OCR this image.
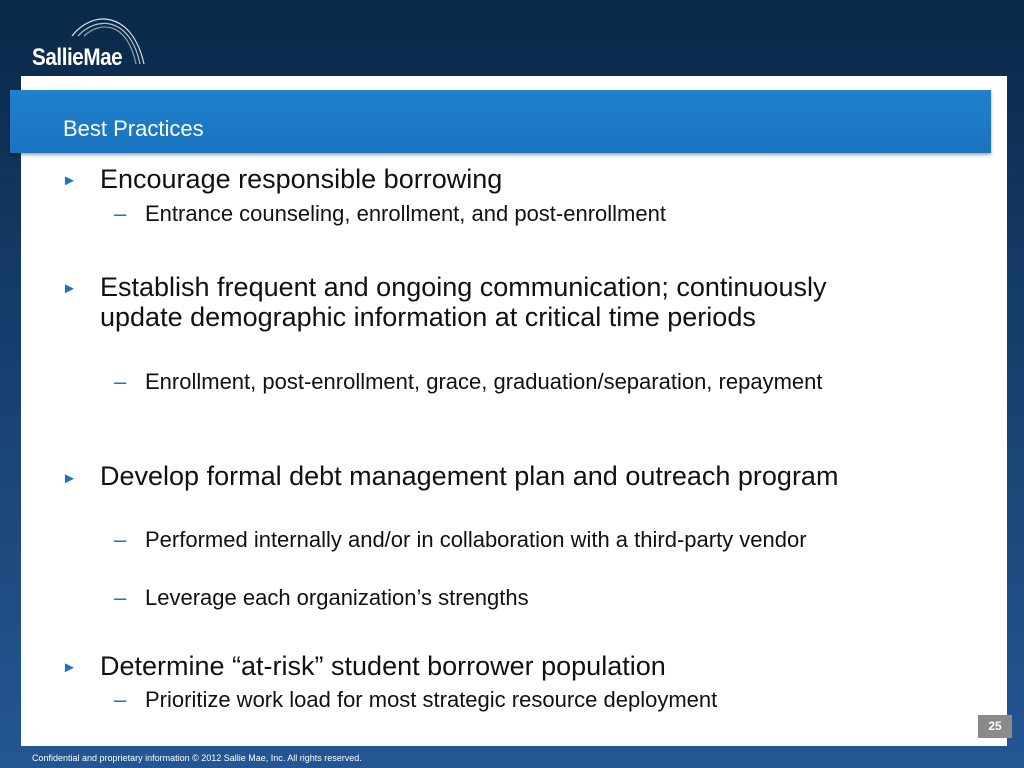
SallieMae
Best Practices
► Encourage responsible borrowing
– Entrance counseling, enrollment, and post-enrollment
► Establish frequent and ongoing communication; continuously update demographic information at critical time periods
– Enrollment, post-enrollment, grace, graduation/separation, repayment
► Develop formal debt management plan and outreach program
– Performed internally and/or in collaboration with a third-party vendor
– Leverage each organization’s strengths
► Determine “at-risk” student borrower population
– Prioritize work load for most strategic resource deployment
25
Confidential and proprietary information © 2012 Sallie Mae, Inc. All rights reserved.
